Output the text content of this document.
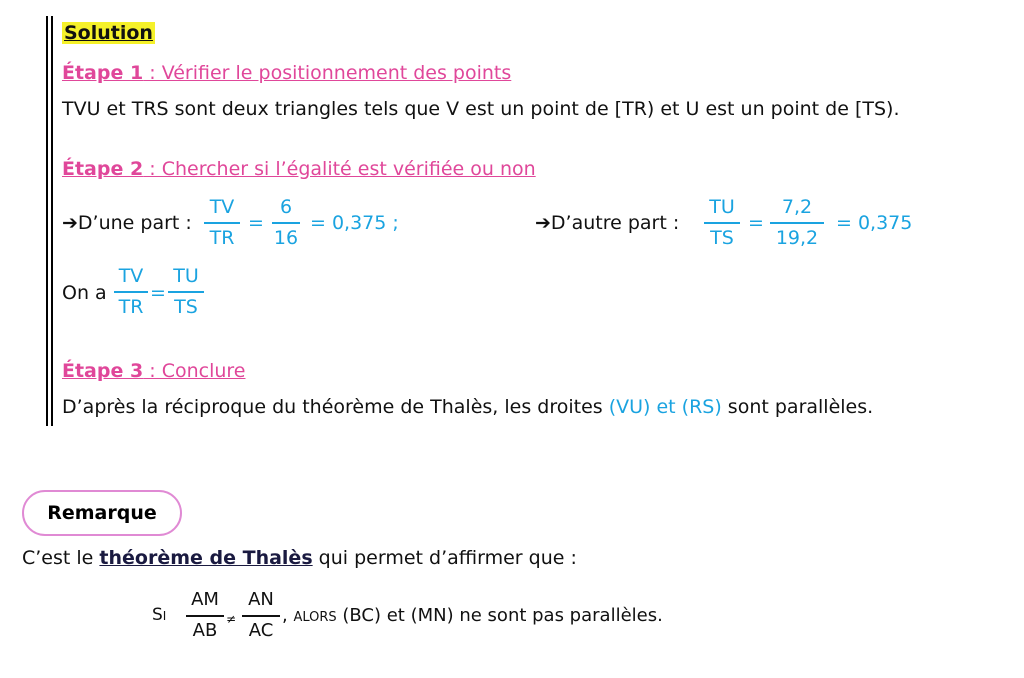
Solution
Étape 1 : Vérifier le positionnement des points
TVU et TRS sont deux triangles tels que V est un point de [TR) et U est un point de [TS).
Étape 2 : Chercher si l’égalité est vérifiée ou non
➔D’une part :
TV
TR
=
6
16
= 0,375 ;	➔D’autre part :
TU
TS
=
7,2
19,2
= 0,375
On a
TV
TR
=
TU
TS
Étape 3 : Conclure
D’après la réciproque du théorème de Thalès, les droites (VU) et (RS) sont parallèles.
Remarque
C’est le théorème de Thalès qui permet d’affirmer que :
Si
AM
AB
≠
AN
AC
, alors (BC) et (MN) ne sont pas parallèles.
